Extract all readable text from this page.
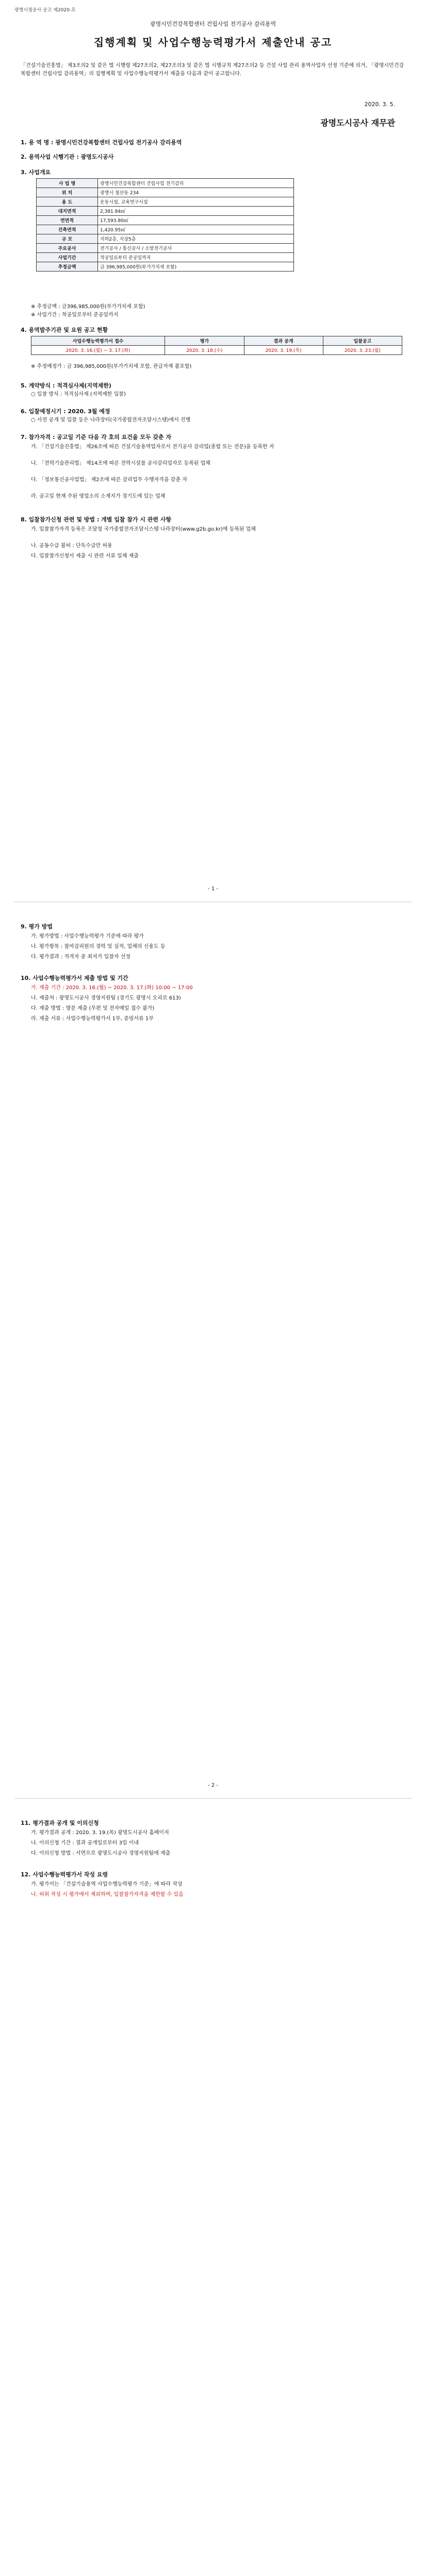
광명시청공사 공고 제2020-호
광명시민건강복합센터 건립사업 전기공사 감리용역
집행계획 및 사업수행능력평가서 제출안내 공고
「건설기술진흥법」 제3조의2 및 같은 법 시행령 제27조의2, 제27조의3 및 같은 법 시행규칙 제27조의2 등 건설 사업 관리 용역사업자 선정 기준에 의거, 「광명시민건강복합센터 건립사업 감리용역」의 집행계획 및 사업수행능력평가서 제출을 다음과 같이 공고합니다.
2020. 3. 5.
광명도시공사 재무관
1. 용 역 명 : 광명시민건강복합센터 건립사업 전기공사 감리용역
2. 용역사업 시행기관 : 광명도시공사
3. 사업개요
사 업 명	광명시민건강복합센터 건립사업 전기감리
위 치	광명시 철산동 234
용 도	운동시설, 교육연구시설
대지면적	2,381.84㎡
연면적	17,593.80㎡
건축면적	1,420.95㎡
규 모	지하2층, 지상5층
주요공사	전기공사 / 통신공사 / 소방전기공사
사업기간	착공일로부터 준공일까지
추정금액	금 396,985,000원(부가가치세 포함)
※ 추정금액 : 금396,985,000원(부가가치세 포함)
※ 사업기간 : 착공일로부터 준공일까지
4. 용역발주기관 및 요원 공고 현황
사업수행능력평가서 접수	평가	결과 공개	입찰공고
2020. 3. 16.(월) ~ 3. 17.(화)	2020. 3. 18.(수)	2020. 3. 19.(목)	2020. 3. 23.(월)
※ 추정예정가 : 금 396,985,000원(부가가치세 포함, 관급자재 불포함)
5. 계약방식 : 적격심사제(지역제한)
○ 입찰 방식 : 적격심사제 (지역제한 입찰)
6. 입찰예정시기 : 2020. 3월 예정
○ 사전 공개 및 입찰 등은 나라장터(국가종합전자조달시스템)에서 진행
7. 참가자격 : 공고일 기준 다음 각 호의 요건을 모두 갖춘 자
가. 「건설기술진흥법」 제26조에 따른 건설기술용역업자로서 전기공사 감리업(종합 또는 전문)을 등록한 자
나. 「전력기술관리법」 제14조에 따른 전력시설물 공사감리업자로 등록된 업체
다. 「정보통신공사업법」 제2조에 따른 감리업무 수행자격을 갖춘 자
라. 공고일 현재 주된 영업소의 소재지가 경기도에 있는 업체
8. 입찰참가신청 관련 및 방법 : 개별 입찰 참가 시 관련 사항
가. 입찰참가자격 등록은 조달청 국가종합전자조달시스템 나라장터(www.g2b.go.kr)에 등록된 업체
나. 공동수급 불허 : 단독수급만 허용
다. 입찰참가신청서 제출 시 관련 서류 일체 제출
- 1 -
9. 평가 방법
가. 평가방법 : 사업수행능력평가 기준에 따라 평가
나. 평가항목 : 참여감리원의 경력 및 실적, 업체의 신용도 등
다. 평가결과 : 적격자 중 최저가 입찰자 선정
10. 사업수행능력평가서 제출 방법 및 기간
가. 제출 기간 : 2020. 3. 16.(월) ~ 2020. 3. 17.(화) 10:00 ~ 17:00
나. 제출처 : 광명도시공사 경영지원팀 (경기도 광명시 오리로 613)
다. 제출 방법 : 방문 제출 (우편 및 전자메일 접수 불가)
라. 제출 서류 : 사업수행능력평가서 1부, 증빙서류 1부
- 2 -
11. 평가결과 공개 및 이의신청
가. 평가결과 공개 : 2020. 3. 19.(목) 광명도시공사 홈페이지
나. 이의신청 기간 : 결과 공개일로부터 3일 이내
다. 이의신청 방법 : 서면으로 광명도시공사 경영지원팀에 제출
12. 사업수행능력평가서 작성 요령
가. 평가서는 「건설기술용역 사업수행능력평가 기준」에 따라 작성
나. 허위 작성 시 평가에서 제외하며, 입찰참가자격을 제한할 수 있음
